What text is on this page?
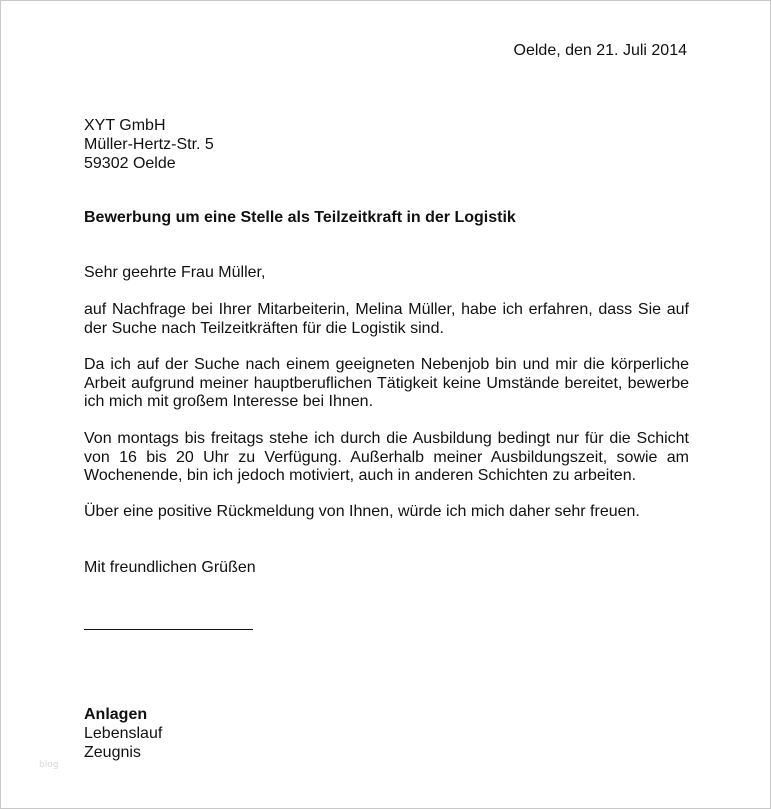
Oelde, den 21. Juli 2014
XYT GmbH
Müller-Hertz-Str. 5
59302 Oelde
Bewerbung um eine Stelle als Teilzeitkraft in der Logistik
Sehr geehrte Frau Müller,
auf Nachfrage bei Ihrer Mitarbeiterin, Melina Müller, habe ich erfahren, dass Sie auf der Suche nach Teilzeitkräften für die Logistik sind.
Da ich auf der Suche nach einem geeigneten Nebenjob bin und mir die körperliche Arbeit aufgrund meiner hauptberuflichen Tätigkeit keine Umstände bereitet, bewerbe ich mich mit großem Interesse bei Ihnen.
Von montags bis freitags stehe ich durch die Ausbildung bedingt nur für die Schicht von 16 bis 20 Uhr zu Verfügung. Außerhalb meiner Ausbildungszeit, sowie am Wochenende, bin ich jedoch motiviert, auch in anderen Schichten zu arbeiten.
Über eine positive Rückmeldung von Ihnen, würde ich mich daher sehr freuen.
Mit freundlichen Grüßen
Anlagen
Lebenslauf
Zeugnis
blog
